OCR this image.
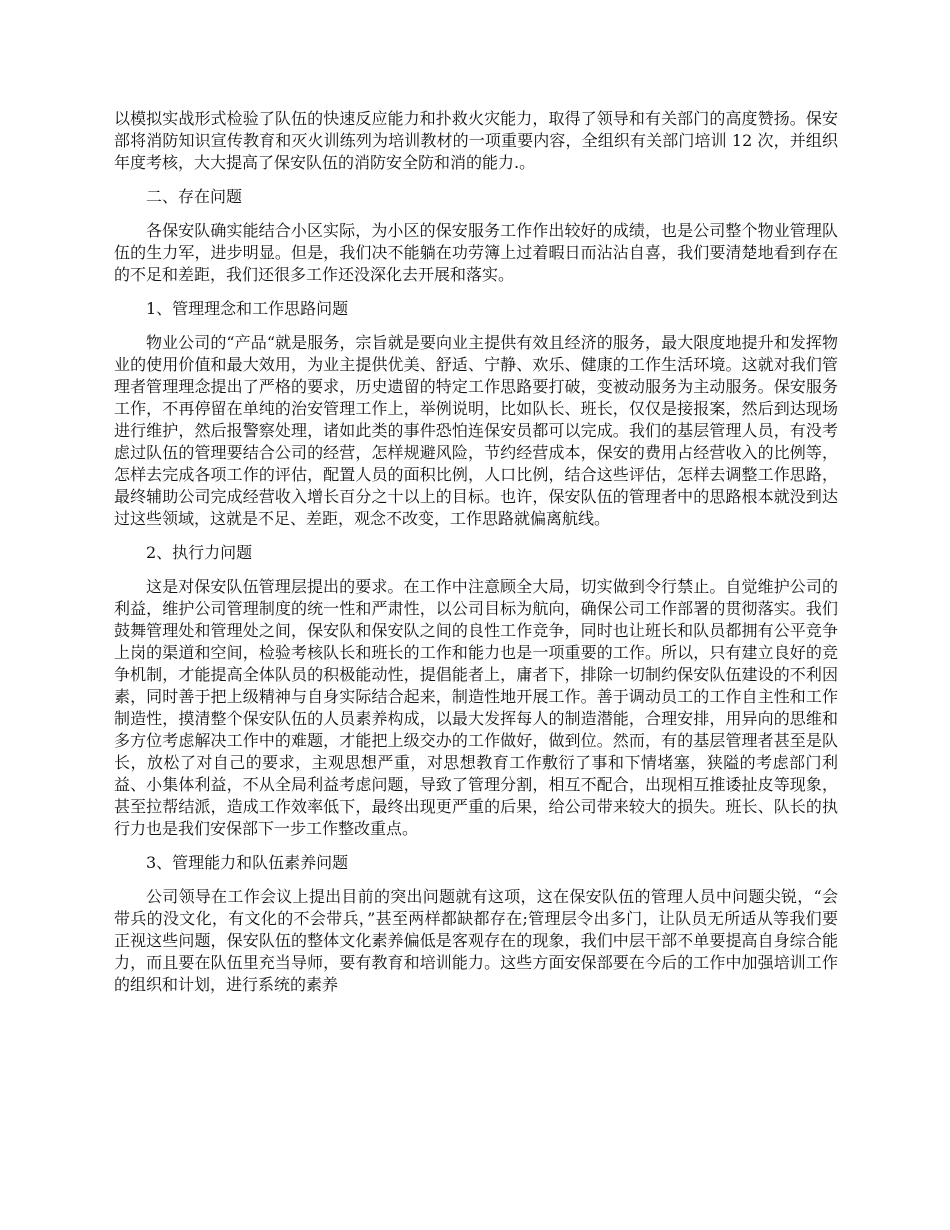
以模拟实战形式检验了队伍的快速反应能力和扑救火灾能力，取得了领导和有关部门的高度赞扬。保安部将消防知识宣传教育和灭火训练列为培训教材的一项重要内容，全组织有关部门培训 12 次，并组织年度考核，大大提高了保安队伍的消防安全防和消的能力.。

二、存在问题

各保安队确实能结合小区实际，为小区的保安服务工作作出较好的成绩，也是公司整个物业管理队伍的生力军，进步明显。但是，我们决不能躺在功劳簿上过着暇日而沾沾自喜，我们要清楚地看到存在的不足和差距，我们还很多工作还没深化去开展和落实。

1、管理理念和工作思路问题

物业公司的“产品“就是服务，宗旨就是要向业主提供有效且经济的服务，最大限度地提升和发挥物业的使用价值和最大效用，为业主提供优美、舒适、宁静、欢乐、健康的工作生活环境。这就对我们管理者管理理念提出了严格的要求，历史遗留的特定工作思路要打破，变被动服务为主动服务。保安服务工作，不再停留在单纯的治安管理工作上，举例说明，比如队长、班长，仅仅是接报案，然后到达现场进行维护，然后报警察处理，诸如此类的事件恐怕连保安员都可以完成。我们的基层管理人员，有没考虑过队伍的管理要结合公司的经营，怎样规避风险，节约经营成本，保安的费用占经营收入的比例等，怎样去完成各项工作的评估，配置人员的面积比例，人口比例，结合这些评估，怎样去调整工作思路，最终辅助公司完成经营收入增长百分之十以上的目标。也许，保安队伍的管理者中的思路根本就没到达过这些领域，这就是不足、差距，观念不改变，工作思路就偏离航线。

2、执行力问题

这是对保安队伍管理层提出的要求。在工作中注意顾全大局，切实做到令行禁止。自觉维护公司的利益，维护公司管理制度的统一性和严肃性，以公司目标为航向，确保公司工作部署的贯彻落实。我们鼓舞管理处和管理处之间，保安队和保安队之间的良性工作竞争，同时也让班长和队员都拥有公平竞争上岗的渠道和空间，检验考核队长和班长的工作和能力也是一项重要的工作。所以，只有建立良好的竞争机制，才能提高全体队员的积极能动性，提倡能者上，庸者下，排除一切制约保安队伍建设的不利因素，同时善于把上级精神与自身实际结合起来，制造性地开展工作。善于调动员工的工作自主性和工作制造性，摸清整个保安队伍的人员素养构成，以最大发挥每人的制造潜能，合理安排，用异向的思维和多方位考虑解决工作中的难题，才能把上级交办的工作做好，做到位。然而，有的基层管理者甚至是队长，放松了对自己的要求，主观思想严重，对思想教育工作敷衍了事和下情堵塞，狭隘的考虑部门利益、小集体利益，不从全局利益考虑问题，导致了管理分割，相互不配合，出现相互推诿扯皮等现象，甚至拉帮结派，造成工作效率低下，最终出现更严重的后果，给公司带来较大的损失。班长、队长的执行力也是我们安保部下一步工作整改重点。

3、管理能力和队伍素养问题

公司领导在工作会议上提出目前的突出问题就有这项，这在保安队伍的管理人员中问题尖锐，“会带兵的没文化，有文化的不会带兵，”甚至两样都缺都存在;管理层令出多门，让队员无所适从等我们要正视这些问题，保安队伍的整体文化素养偏低是客观存在的现象，我们中层干部不单要提高自身综合能力，而且要在队伍里充当导师，要有教育和培训能力。这些方面安保部要在今后的工作中加强培训工作的组织和计划，进行系统的素养
